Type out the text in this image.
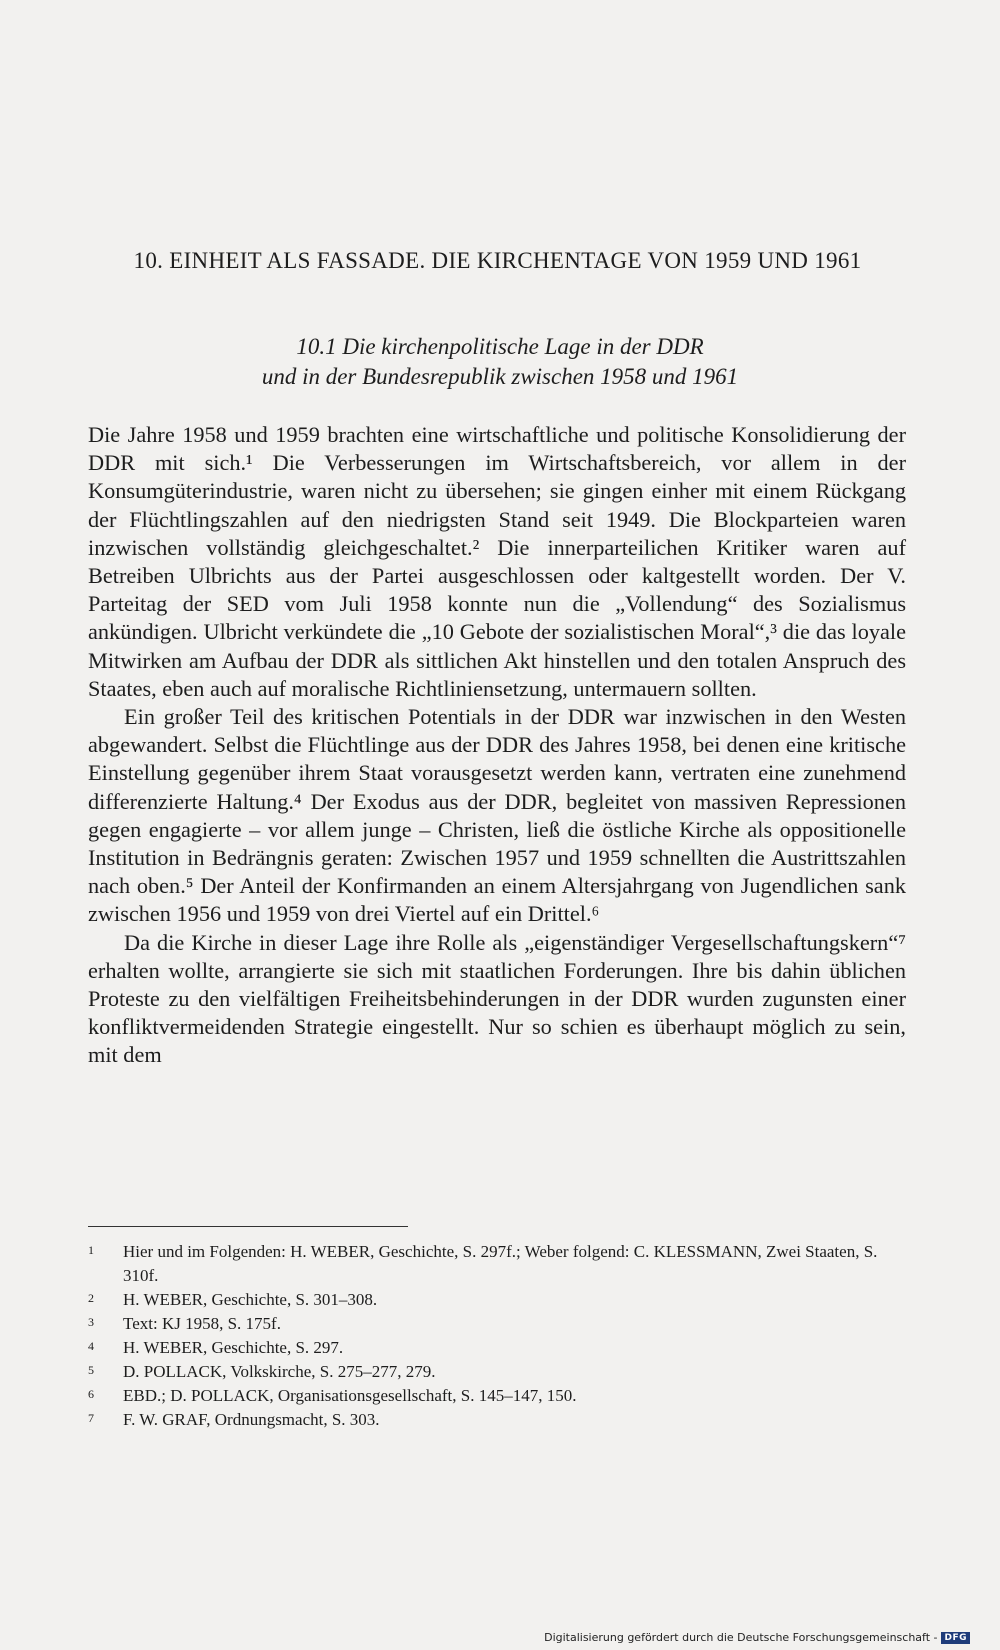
10. EINHEIT ALS FASSADE. DIE KIRCHENTAGE VON 1959 UND 1961
10.1 Die kirchenpolitische Lage in der DDR
und in der Bundesrepublik zwischen 1958 und 1961

Die Jahre 1958 und 1959 brachten eine wirtschaftliche und politische Konsolidierung der DDR mit sich.¹ Die Verbesserungen im Wirtschaftsbereich, vor allem in der Konsumgüterindustrie, waren nicht zu übersehen; sie gingen einher mit einem Rückgang der Flüchtlingszahlen auf den niedrigsten Stand seit 1949. Die Blockparteien waren inzwischen vollständig gleichgeschaltet.² Die innerparteilichen Kritiker waren auf Betreiben Ulbrichts aus der Partei ausgeschlossen oder kaltgestellt worden. Der V. Parteitag der SED vom Juli 1958 konnte nun die „Vollendung“ des Sozialismus ankündigen. Ulbricht verkündete die „10 Gebote der sozialistischen Moral“,³ die das loyale Mitwirken am Aufbau der DDR als sittlichen Akt hinstellen und den totalen Anspruch des Staates, eben auch auf moralische Richtliniensetzung, untermauern sollten.

Ein großer Teil des kritischen Potentials in der DDR war inzwischen in den Westen abgewandert. Selbst die Flüchtlinge aus der DDR des Jahres 1958, bei denen eine kritische Einstellung gegenüber ihrem Staat vorausgesetzt werden kann, vertraten eine zunehmend differenzierte Haltung.⁴ Der Exodus aus der DDR, begleitet von massiven Repressionen gegen engagierte – vor allem junge – Christen, ließ die östliche Kirche als oppositionelle Institution in Bedrängnis geraten: Zwischen 1957 und 1959 schnellten die Austrittszahlen nach oben.⁵ Der Anteil der Konfirmanden an einem Altersjahrgang von Jugendlichen sank zwischen 1956 und 1959 von drei Viertel auf ein Drittel.⁶

Da die Kirche in dieser Lage ihre Rolle als „eigenständiger Vergesellschaftungskern“⁷ erhalten wollte, arrangierte sie sich mit staatlichen Forderungen. Ihre bis dahin üblichen Proteste zu den vielfältigen Freiheitsbehinderungen in der DDR wurden zugunsten einer konfliktvermeidenden Strategie eingestellt. Nur so schien es überhaupt möglich zu sein, mit dem

1	Hier und im Folgenden: H. WEBER, Geschichte, S. 297f.; Weber folgend: C. KLESSMANN, Zwei Staaten, S. 310f.
2	H. WEBER, Geschichte, S. 301–308.
3	Text: KJ 1958, S. 175f.
4	H. WEBER, Geschichte, S. 297.
5	D. POLLACK, Volkskirche, S. 275–277, 279.
6	EBD.; D. POLLACK, Organisationsgesellschaft, S. 145–147, 150.
7	F. W. GRAF, Ordnungsmacht, S. 303.
Digitalisierung gefördert durch die Deutsche Forschungsgemeinschaft - DFG
